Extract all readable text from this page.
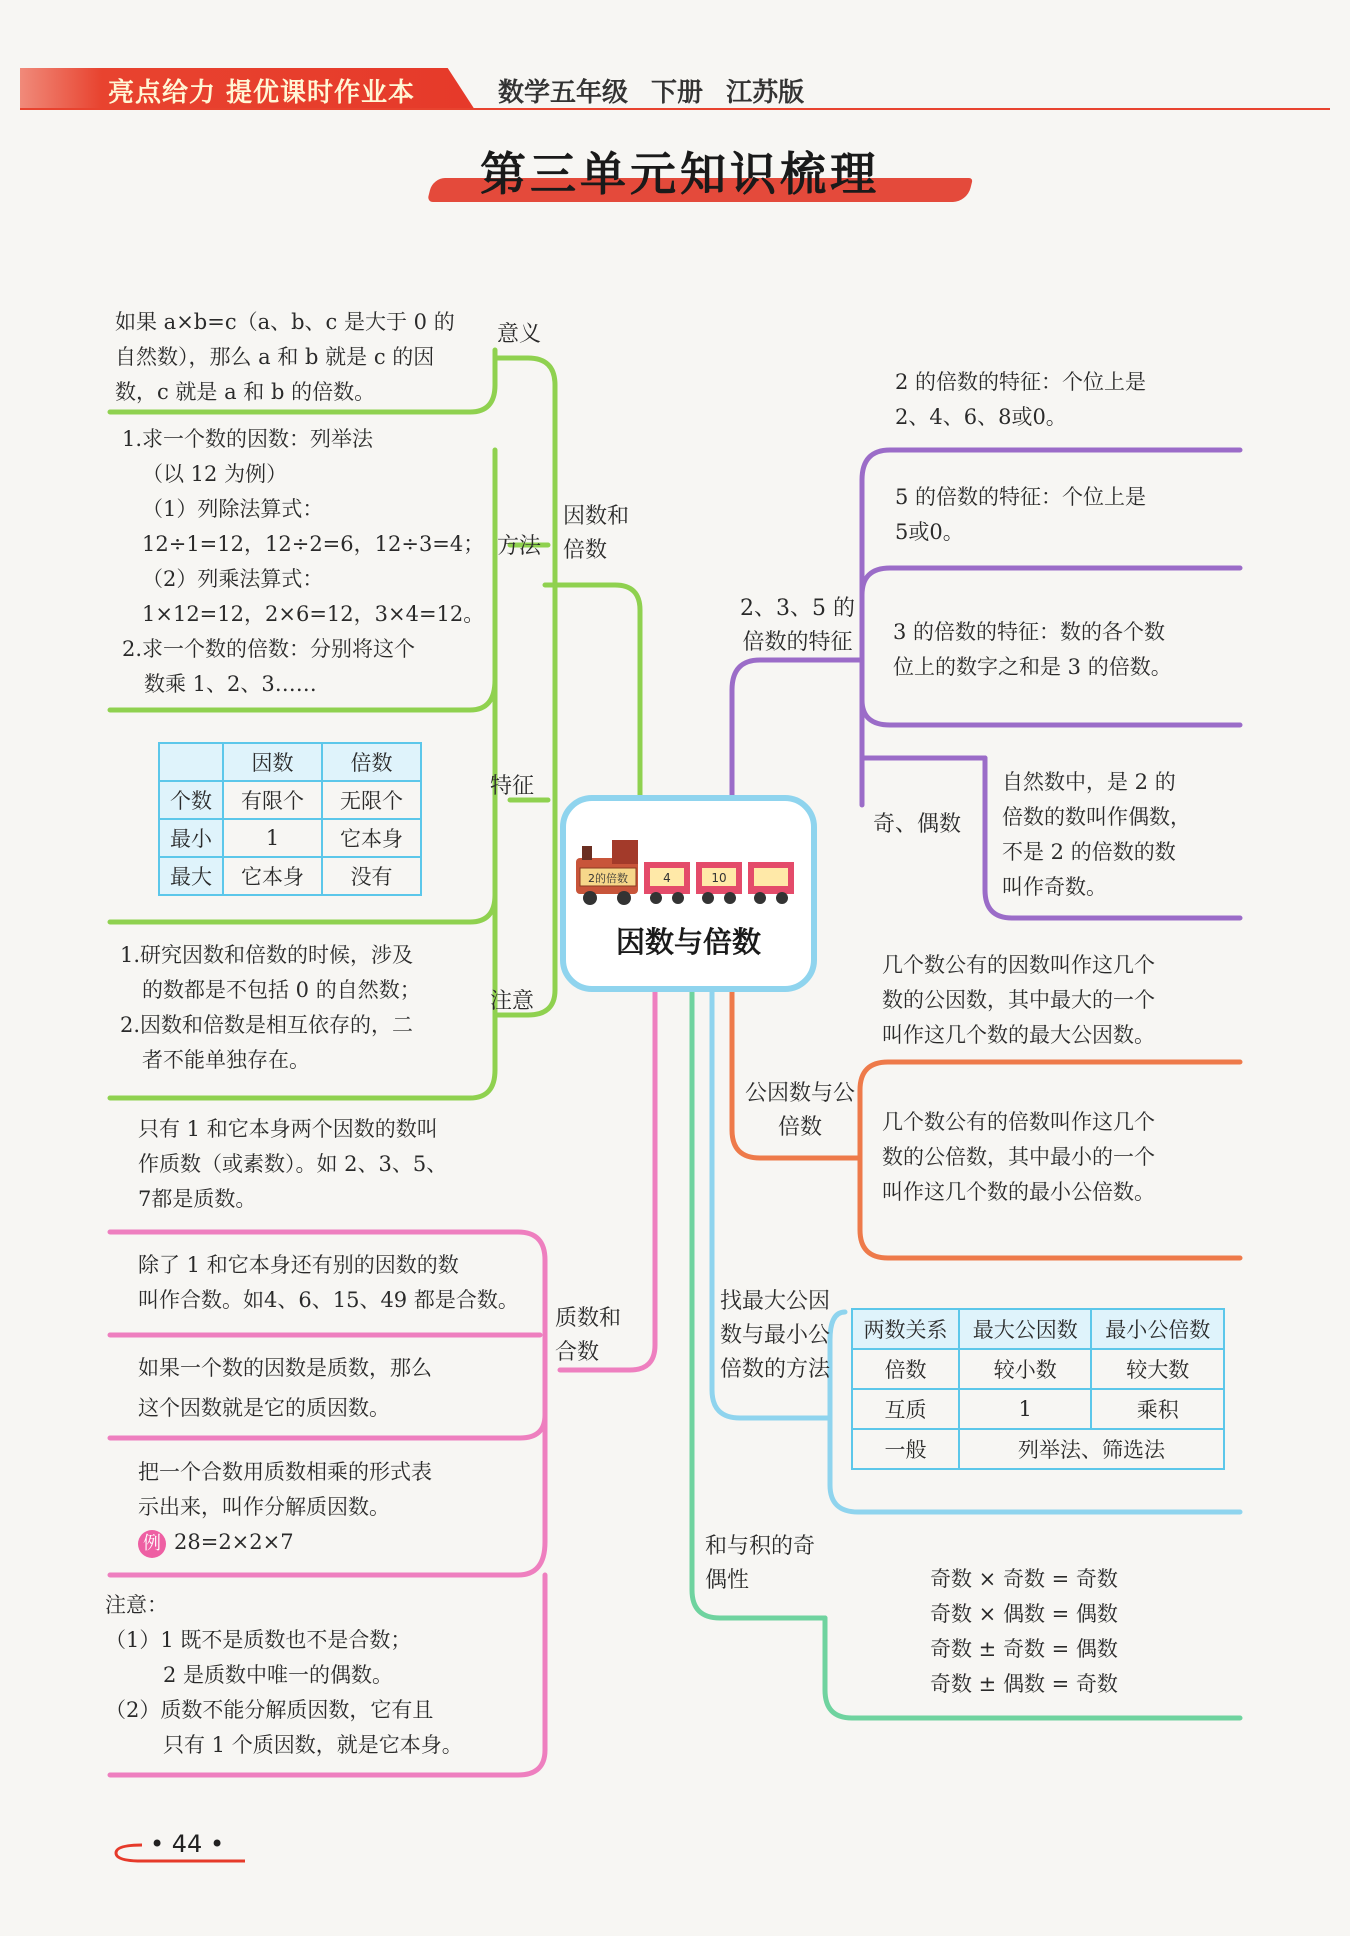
亮点给力 提优课时作业本	数学五年级 下册 江苏版
第三单元知识梳理
2的倍数	4	10
因数与倍数
因数和倍数
如果 a×b=c（a、b、c 是大于 0 的
自然数），那么 a 和 b 就是 c 的因
数，c 就是 a 和 b 的倍数。
意义
1.求一个数的因数：列举法
（以 12 为例）
（1）列除法算式：
12÷1=12，12÷2=6，12÷3=4；
（2）列乘法算式：
1×12=12，2×6=12，3×4=12。
2.求一个数的倍数：分别将这个
数乘 1、2、3……
方法
	因数	倍数
个数	有限个	无限个
最小	1	它本身
最大	它本身	没有
特征
1.研究因数和倍数的时候，涉及
的数都是不包括 0 的自然数；
2.因数和倍数是相互依存的，二
者不能单独存在。
注意
质数和合数
只有 1 和它本身两个因数的数叫
作质数（或素数）。如 2、3、5、
7都是质数。
除了 1 和它本身还有别的因数的数
叫作合数。如4、6、15、49 都是合数。
如果一个数的因数是质数，那么
这个因数就是它的质因数。
把一个合数用质数相乘的形式表
示出来，叫作分解质因数。
例 28=2×2×7
注意：
（1）1 既不是质数也不是合数；
2 是质数中唯一的偶数。
（2）质数不能分解质因数，它有且
只有 1 个质因数，就是它本身。
2、3、5 的倍数的特征
2 的倍数的特征：个位上是
2、4、6、8或0。
5 的倍数的特征：个位上是
5或0。
3 的倍数的特征：数的各个数
位上的数字之和是 3 的倍数。
奇、偶数
自然数中，是 2 的
倍数的数叫作偶数，
不是 2 的倍数的数
叫作奇数。
公因数与公倍数
几个数公有的因数叫作这几个
数的公因数，其中最大的一个
叫作这几个数的最大公因数。
几个数公有的倍数叫作这几个
数的公倍数，其中最小的一个
叫作这几个数的最小公倍数。
找最大公因数与最小公倍数的方法
两数关系	最大公因数	最小公倍数
倍数	较小数	较大数
互质	1	乘积
一般	列举法、筛选法	
和与积的奇偶性	奇数 × 奇数 = 奇数
奇数 × 偶数 = 偶数
奇数 ± 奇数 = 偶数
奇数 ± 偶数 = 奇数
• 44 •
